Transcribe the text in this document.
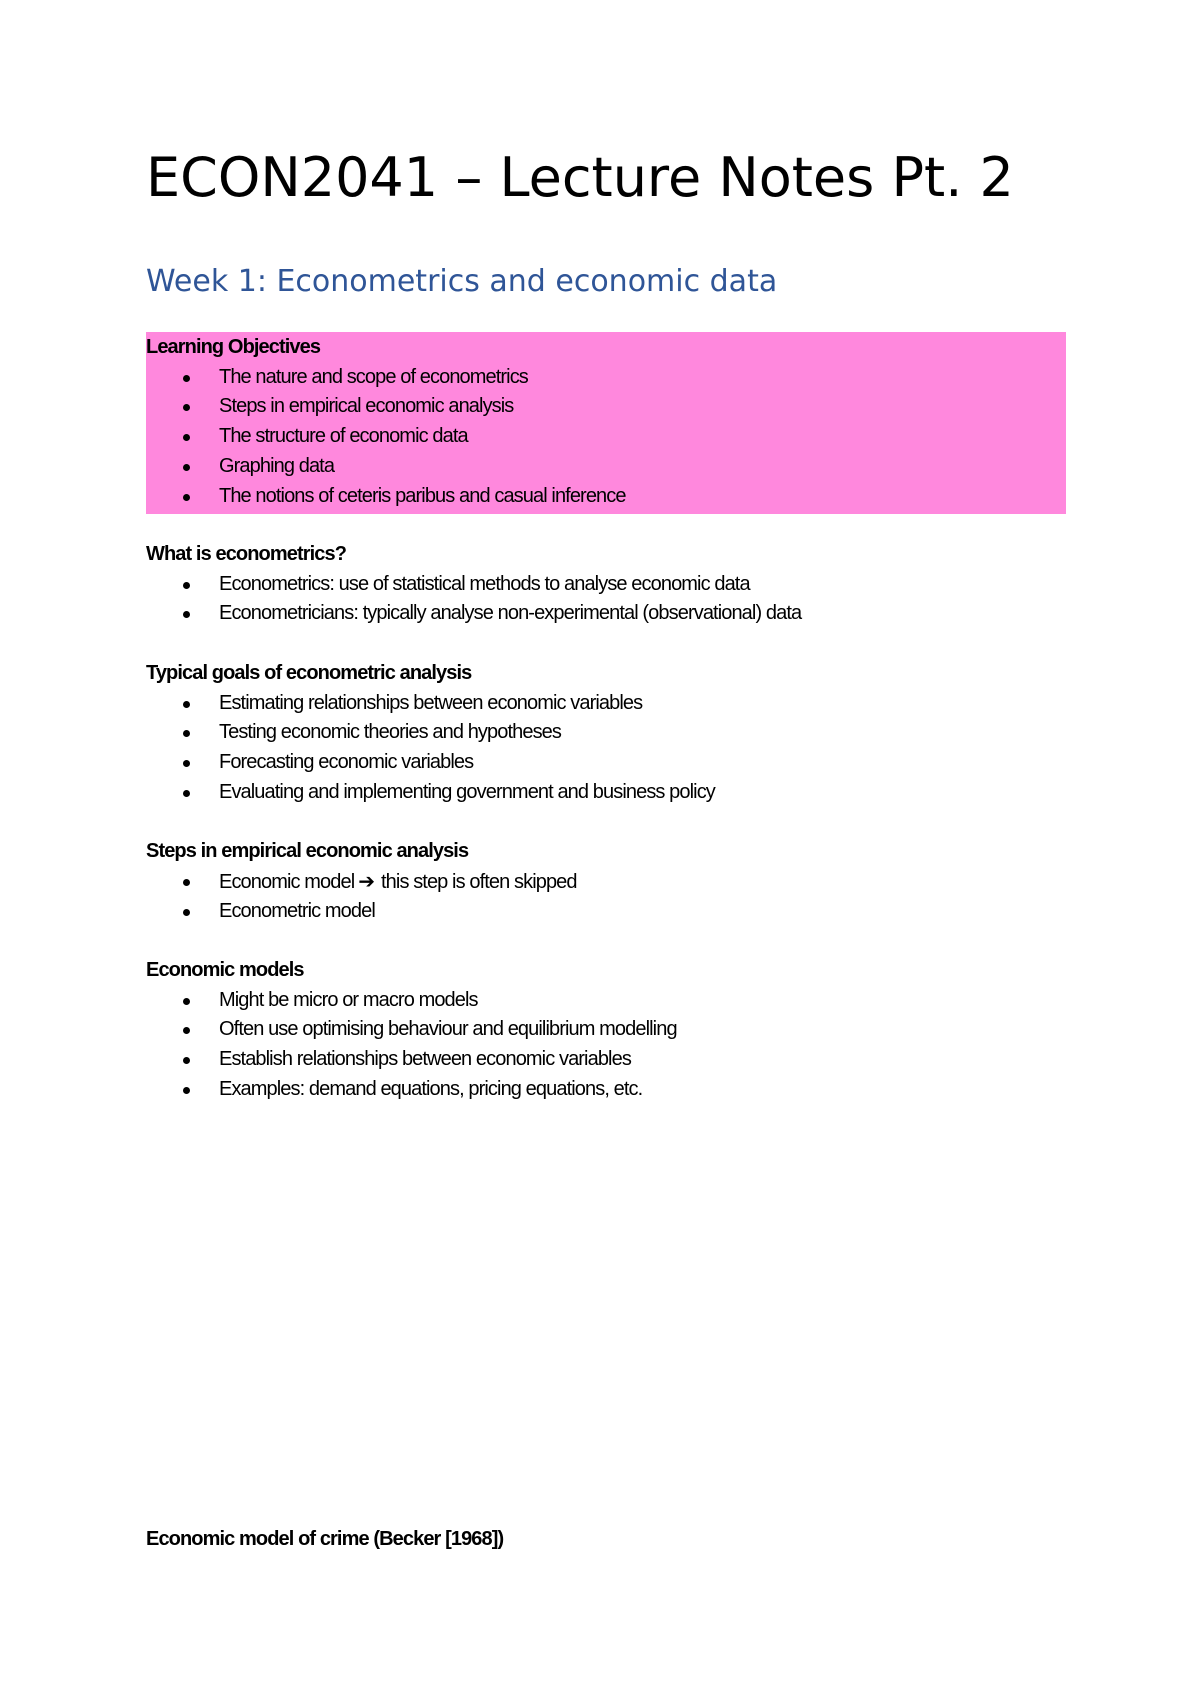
ECON2041 – Lecture Notes Pt. 2
Week 1: Econometrics and economic data
Learning Objectives
The nature and scope of econometrics
Steps in empirical economic analysis
The structure of economic data
Graphing data
The notions of ceteris paribus and casual inference
What is econometrics?
Econometrics: use of statistical methods to analyse economic data
Econometricians: typically analyse non-experimental (observational) data
Typical goals of econometric analysis
Estimating relationships between economic variables
Testing economic theories and hypotheses
Forecasting economic variables
Evaluating and implementing government and business policy
Steps in empirical economic analysis
Economic model ➔ this step is often skipped
Econometric model
Economic models
Might be micro or macro models
Often use optimising behaviour and equilibrium modelling
Establish relationships between economic variables
Examples: demand equations, pricing equations, etc.
Economic model of crime (Becker [1968])
